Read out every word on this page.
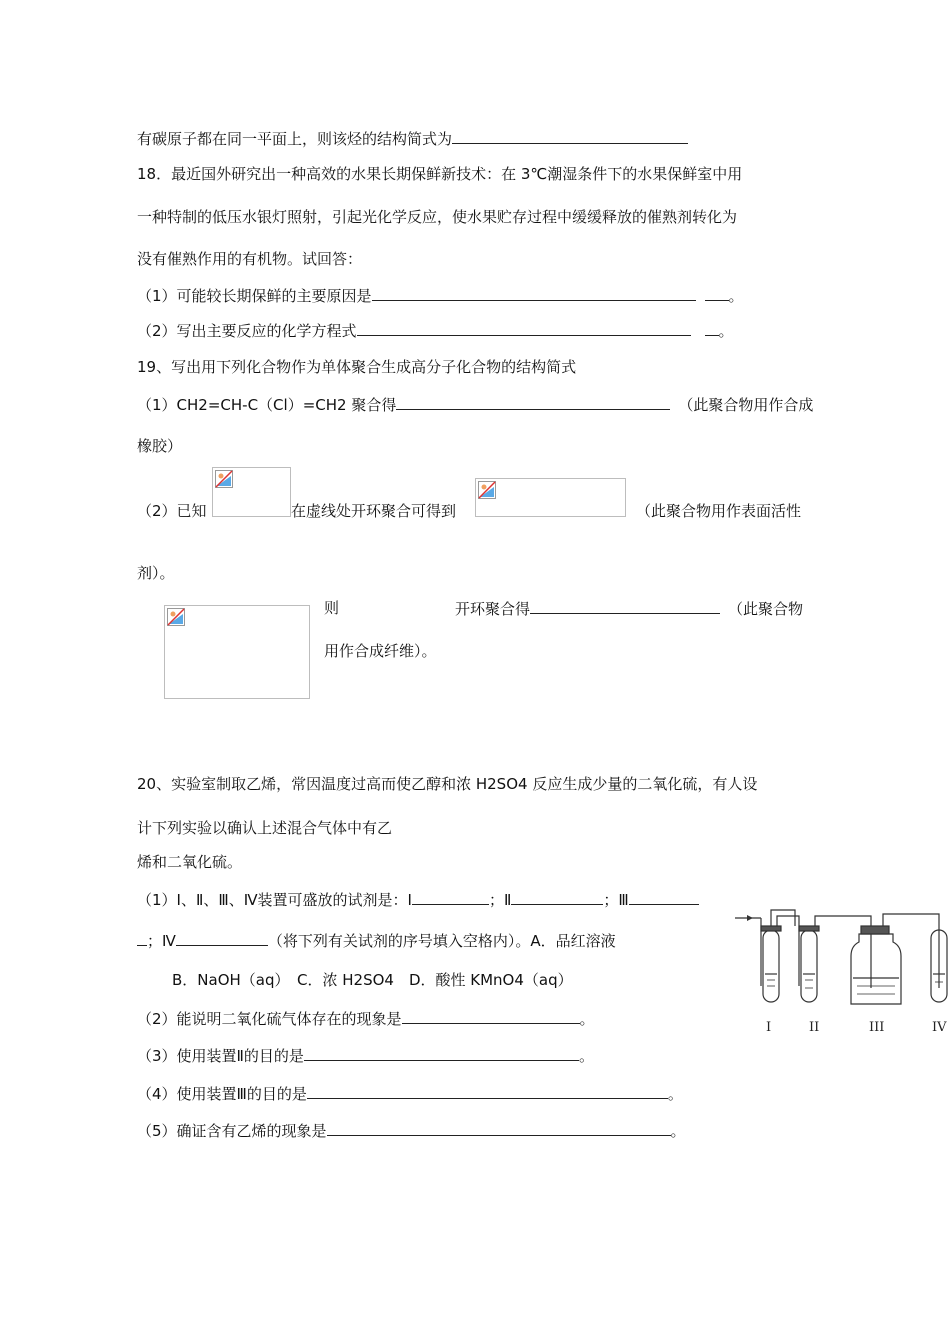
有碳原子都在同一平面上，则该烃的结构简式为
18．最近国外研究出一种高效的水果长期保鲜新技术：在 3℃潮湿条件下的水果保鲜室中用
一种特制的低压水银灯照射，引起光化学反应，使水果贮存过程中缓缓释放的催熟剂转化为
没有催熟作用的有机物。试回答：
（1）可能较长期保鲜的主要原因是	。
（2）写出主要反应的化学方程式	。
19、写出用下列化合物作为单体聚合生成高分子化合物的结构简式
（1）CH2=CH-C（Cl）=CH2 聚合得	（此聚合物用作合成
橡胶）
（2）已知	在虚线处开环聚合可得到	（此聚合物用作表面活性
剂）。
则	开环聚合得	（此聚合物
用作合成纤维）。
20、实验室制取乙烯，常因温度过高而使乙醇和浓 H2SO4 反应生成少量的二氧化硫，有人设
计下列实验以确认上述混合气体中有乙
烯和二氧化硫。
（1）Ⅰ、Ⅱ、Ⅲ、Ⅳ装置可盛放的试剂是：Ⅰ	；Ⅱ	；Ⅲ
；Ⅳ	（将下列有关试剂的序号填入空格内）。A．品红溶液
B．NaOH（aq）　C．浓 H2SO4　D．酸性 KMnO4（aq）
（2）能说明二氧化硫气体存在的现象是	。
（3）使用装置Ⅱ的目的是	。
（4）使用装置Ⅲ的目的是	。
（5）确证含有乙烯的现象是	。
I	II	III	IV
